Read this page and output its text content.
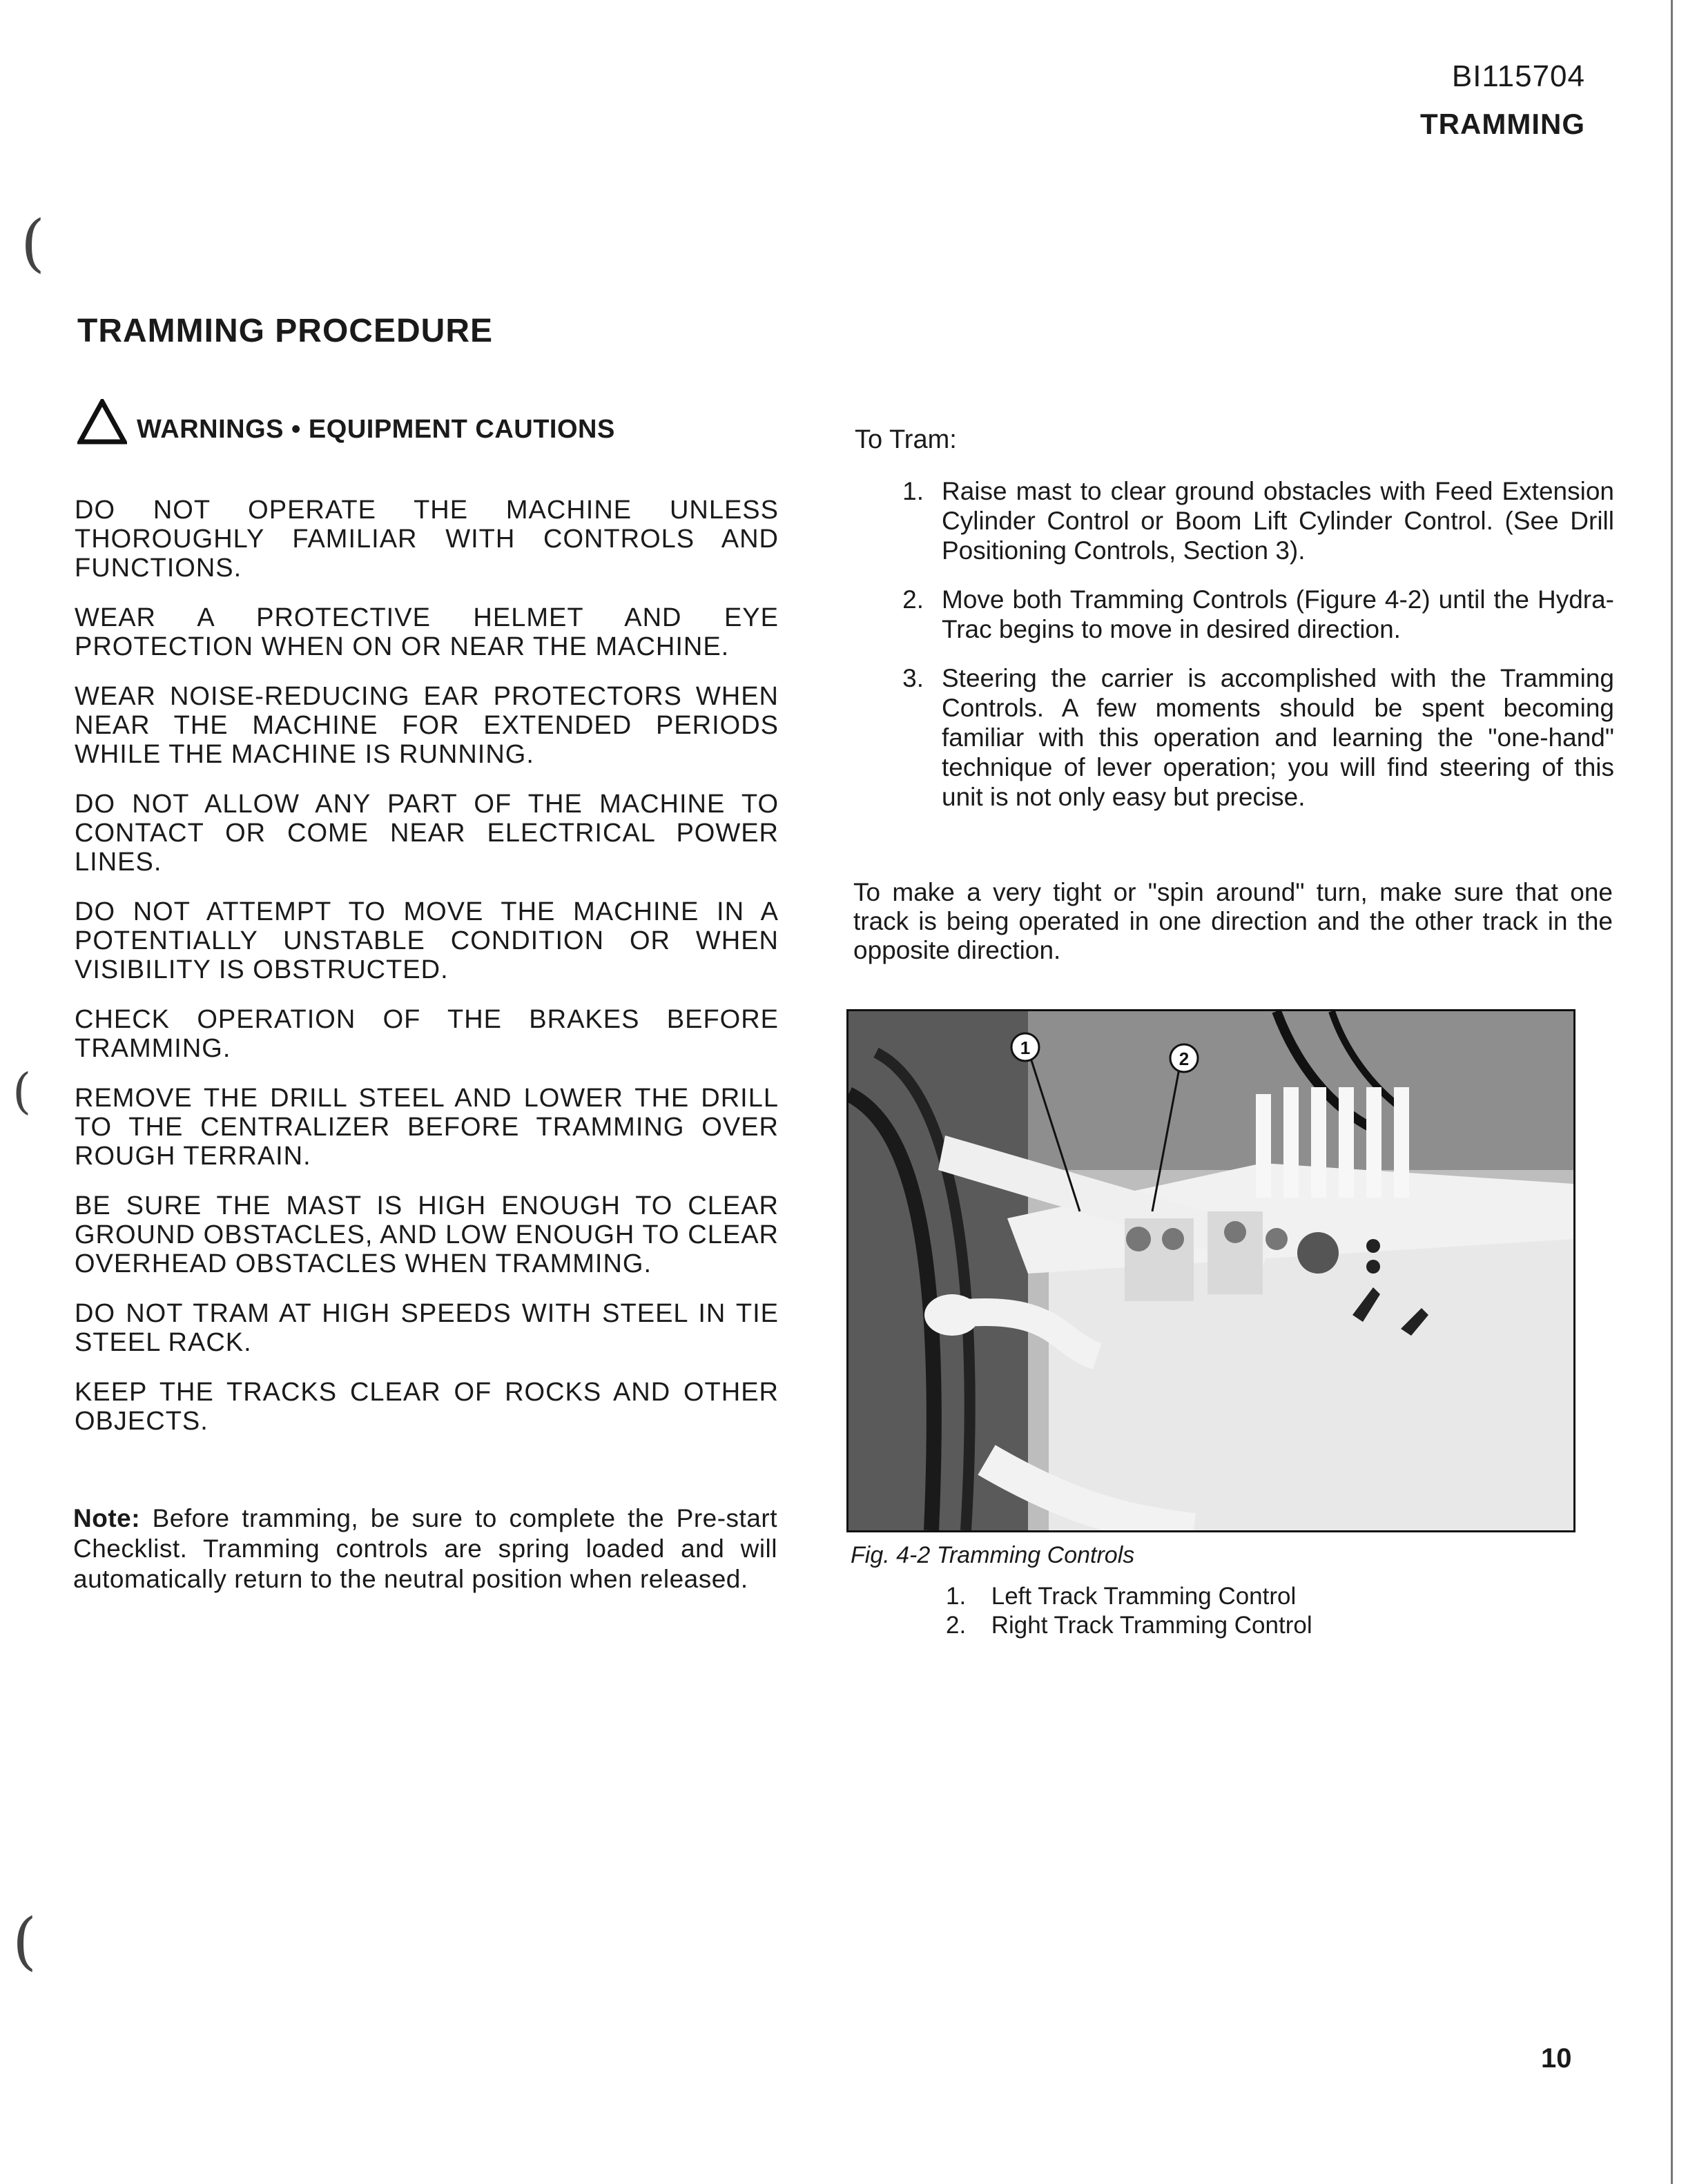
(
(
(
BI115704
TRAMMING
TRAMMING PROCEDURE
WARNINGS • EQUIPMENT CAUTIONS

DO NOT OPERATE THE MACHINE UNLESS THOROUGHLY FAMILIAR WITH CONTROLS AND FUNCTIONS.

WEAR A PROTECTIVE HELMET AND EYE PROTECTION WHEN ON OR NEAR THE MACHINE.

WEAR NOISE-REDUCING EAR PROTECTORS WHEN NEAR THE MACHINE FOR EXTENDED PERIODS WHILE THE MACHINE IS RUNNING.

DO NOT ALLOW ANY PART OF THE MACHINE TO CONTACT OR COME NEAR ELECTRICAL POWER LINES.

DO NOT ATTEMPT TO MOVE THE MACHINE IN A POTENTIALLY UNSTABLE CONDITION OR WHEN VISIBILITY IS OBSTRUCTED.

CHECK OPERATION OF THE BRAKES BEFORE TRAMMING.

REMOVE THE DRILL STEEL AND LOWER THE DRILL TO THE CENTRALIZER BEFORE TRAMMING OVER ROUGH TERRAIN.

BE SURE THE MAST IS HIGH ENOUGH TO CLEAR GROUND OBSTACLES, AND LOW ENOUGH TO CLEAR OVERHEAD OBSTACLES WHEN TRAMMING.

DO NOT TRAM AT HIGH SPEEDS WITH STEEL IN TIE STEEL RACK.

KEEP THE TRACKS CLEAR OF ROCKS AND OTHER OBJECTS.

Note: Before tramming, be sure to complete the Pre-start Checklist. Tramming controls are spring loaded and will automatically return to the neutral position when released.
To Tram:
1. Raise mast to clear ground obstacles with Feed Extension Cylinder Control or Boom Lift Cylinder Control. (See Drill Positioning Controls, Section 3).
2. Move both Tramming Controls (Figure 4-2) until the Hydra-Trac begins to move in desired direction.
3. Steering the carrier is accomplished with the Tramming Controls. A few moments should be spent becoming familiar with this operation and learning the "one-hand" technique of lever operation; you will find steering of this unit is not only easy but precise.
To make a very tight or "spin around" turn, make sure that one track is being operated in one direction and the other track in the opposite direction.
1
2
Fig. 4-2 Tramming Controls
1. Left Track Tramming Control
2. Right Track Tramming Control
10
